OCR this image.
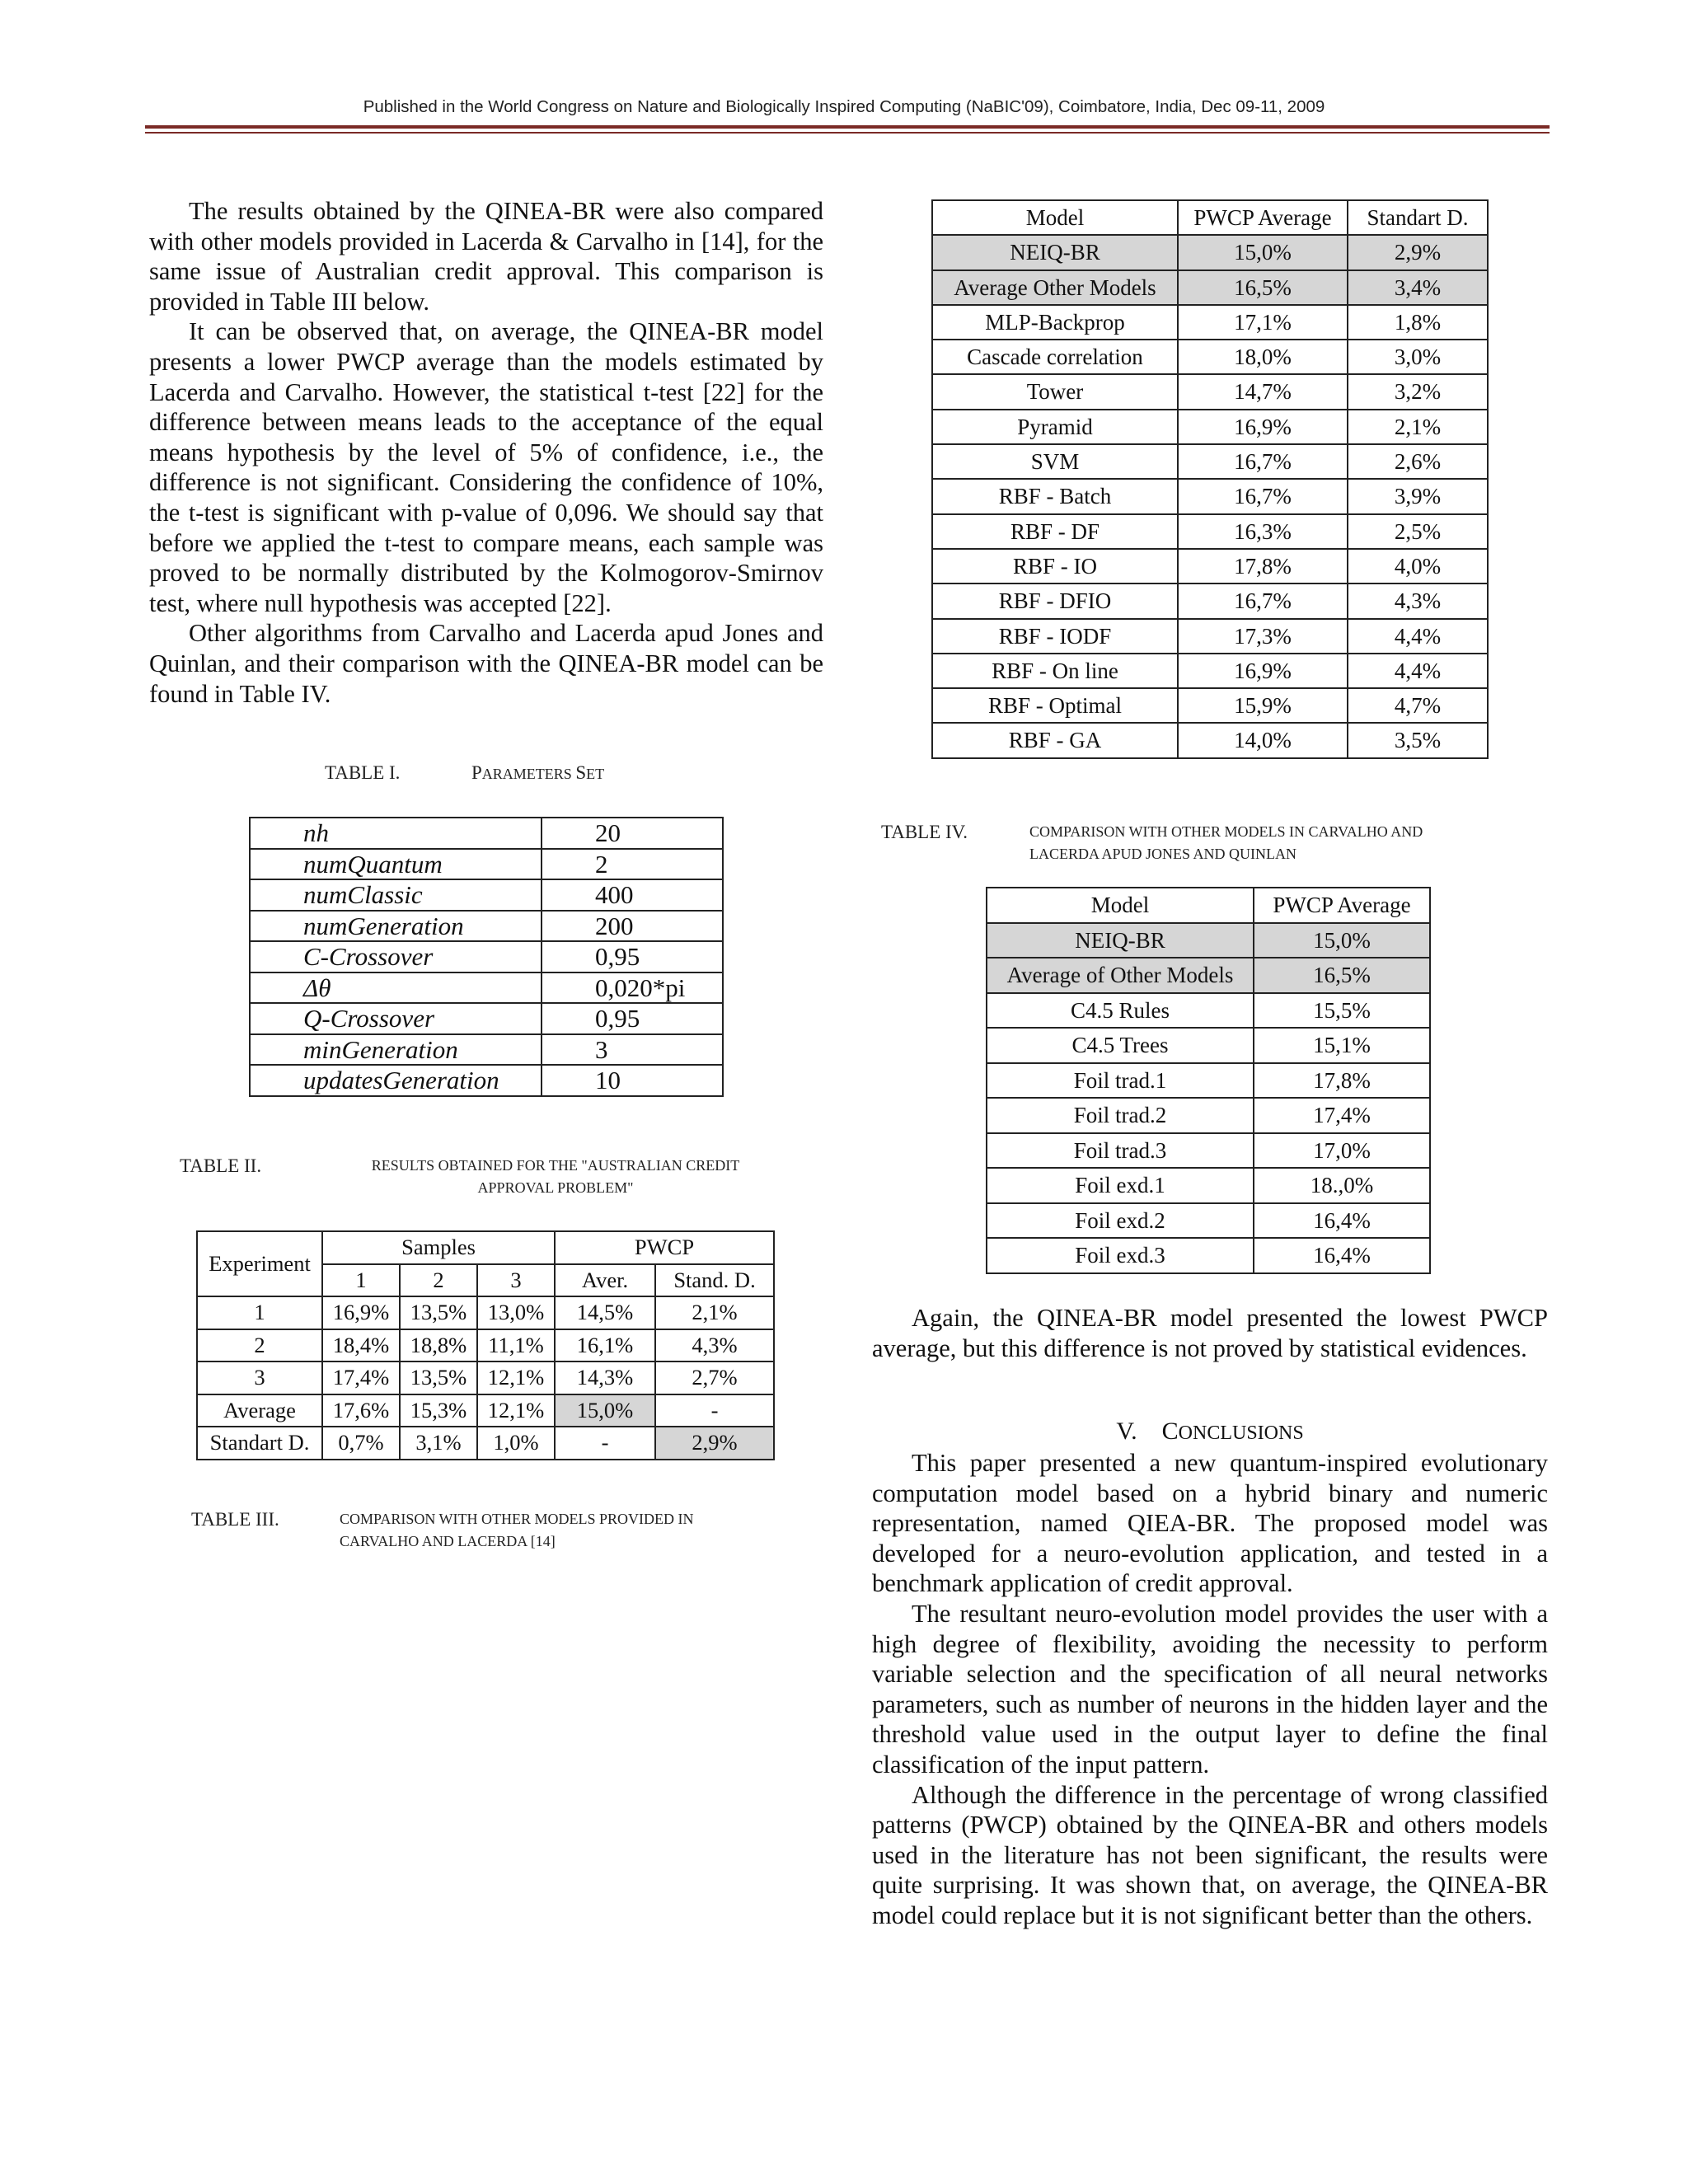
Published in the World Congress on Nature and Biologically Inspired Computing (NaBIC'09), Coimbatore, India, Dec 09-11, 2009

The results obtained by the QINEA-BR were also compared with other models provided in Lacerda & Carvalho in [14], for the same issue of Australian credit approval. This comparison is provided in Table III below.

It can be observed that, on average, the QINEA-BR model presents a lower PWCP average than the models estimated by Lacerda and Carvalho. However, the statistical t-test [22] for the difference between means leads to the acceptance of the equal means hypothesis by the level of 5% of confidence, i.e., the difference is not significant. Considering the confidence of 10%, the t-test is significant with p-value of 0,096. We should say that before we applied the t-test to compare means, each sample was proved to be normally distributed by the Kolmogorov-Smirnov test, where null hypothesis was accepted [22].

Other algorithms from Carvalho and Lacerda apud Jones and Quinlan, and their comparison with the QINEA-BR model can be found in Table IV.

TABLE I.	PARAMETERS SET
nh	20
numQuantum	2
numClassic	400
numGeneration	200
C-Crossover	0,95
Δθ	0,020*pi
Q-Crossover	0,95
minGeneration	3
updatesGeneration	10
TABLE II.	RESULTS OBTAINED FOR THE "AUSTRALIAN CREDIT
APPROVAL PROBLEM"
Experiment	Samples			PWCP	
	1	2	3	Aver.	Stand. D.
1	16,9%	13,5%	13,0%	14,5%	2,1%
2	18,4%	18,8%	11,1%	16,1%	4,3%
3	17,4%	13,5%	12,1%	14,3%	2,7%
Average	17,6%	15,3%	12,1%	15,0%	-
Standart D.	0,7%	3,1%	1,0%	-	2,9%
TABLE III.	COMPARISON WITH OTHER MODELS PROVIDED IN
CARVALHO AND LACERDA [14]
Model	PWCP Average	Standart D.
NEIQ-BR	15,0%	2,9%
Average Other Models	16,5%	3,4%
MLP-Backprop	17,1%	1,8%
Cascade correlation	18,0%	3,0%
Tower	14,7%	3,2%
Pyramid	16,9%	2,1%
SVM	16,7%	2,6%
RBF - Batch	16,7%	3,9%
RBF - DF	16,3%	2,5%
RBF - IO	17,8%	4,0%
RBF - DFIO	16,7%	4,3%
RBF - IODF	17,3%	4,4%
RBF - On line	16,9%	4,4%
RBF - Optimal	15,9%	4,7%
RBF - GA	14,0%	3,5%
TABLE IV.	COMPARISON WITH OTHER MODELS IN CARVALHO AND
LACERDA APUD JONES AND QUINLAN
Model	PWCP Average
NEIQ-BR	15,0%
Average of Other Models	16,5%
C4.5 Rules	15,5%
C4.5 Trees	15,1%
Foil trad.1	17,8%
Foil trad.2	17,4%
Foil trad.3	17,0%
Foil exd.1	18.,0%
Foil exd.2	16,4%
Foil exd.3	16,4%

Again, the QINEA-BR model presented the lowest PWCP average, but this difference is not proved by statistical evidences.

V. CONCLUSIONS

This paper presented a new quantum-inspired evolutionary computation model based on a hybrid binary and numeric representation, named QIEA-BR. The proposed model was developed for a neuro-evolution application, and tested in a benchmark application of credit approval.

The resultant neuro-evolution model provides the user with a high degree of flexibility, avoiding the necessity to perform variable selection and the specification of all neural networks parameters, such as number of neurons in the hidden layer and the threshold value used in the output layer to define the final classification of the input pattern.

Although the difference in the percentage of wrong classified patterns (PWCP) obtained by the QINEA-BR and others models used in the literature has not been significant, the results were quite surprising. It was shown that, on average, the QINEA-BR model could replace but it is not significant better than the others.
